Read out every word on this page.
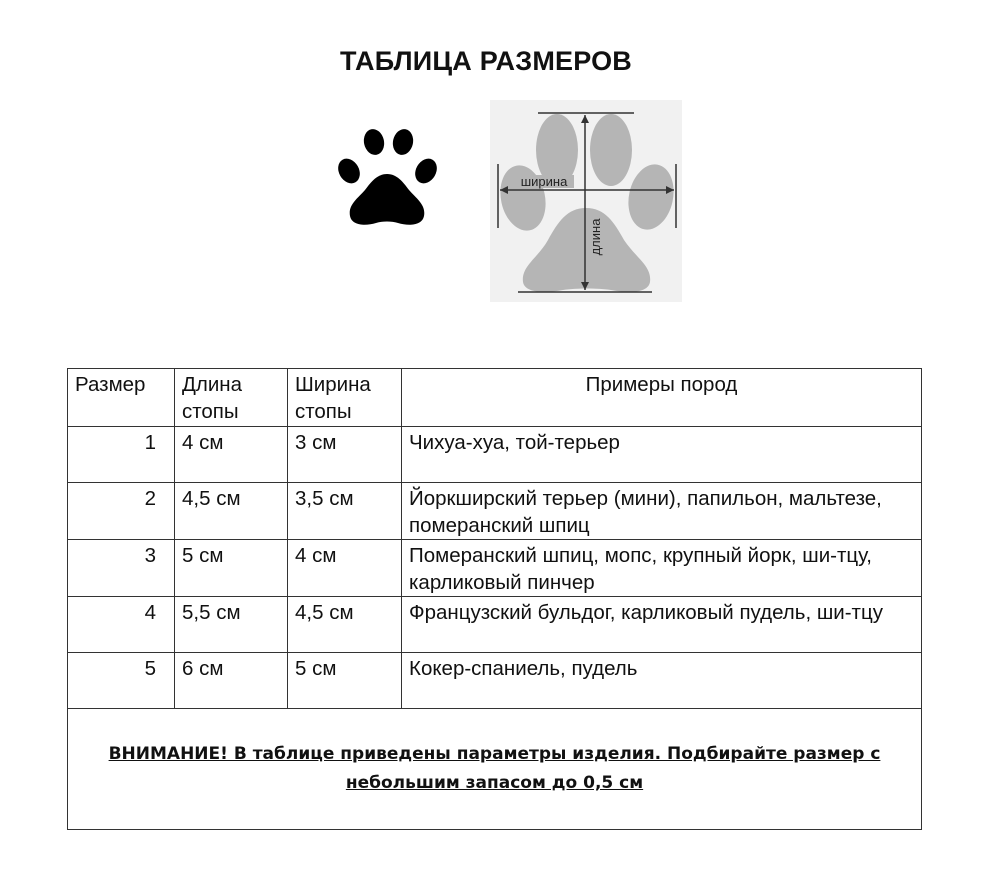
ТАБЛИЦА РАЗМЕРОВ
ширина
длина
Размер	Длина стопы	Ширина стопы	Примеры пород
1	4 см	3 см	Чихуа-хуа, той-терьер
2	4,5 см	3,5 см	Йоркширский терьер (мини), папильон, мальтезе, померанский шпиц
3	5 см	4 см	Померанский шпиц, мопс, крупный йорк, ши-тцу, карликовый пинчер
4	5,5 см	4,5 см	Французский бульдог, карликовый пудель, ши-тцу
5	6 см	5 см	Кокер-спаниель, пудель
ВНИМАНИЕ! В таблице приведены параметры изделия. Подбирайте размер с небольшим запасом до 0,5 см			
